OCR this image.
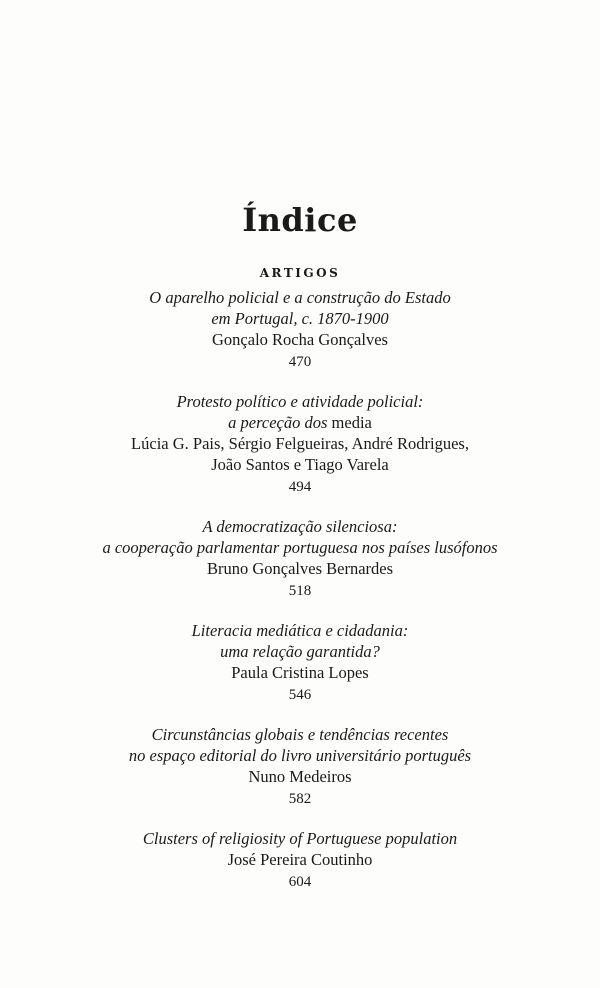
Índice
ARTIGOS
O aparelho policial e a construção do Estado
em Portugal, c. 1870-1900
Gonçalo Rocha Gonçalves
470
Protesto político e atividade policial:
a perceção dos media
Lúcia G. Pais, Sérgio Felgueiras, André Rodrigues,
João Santos e Tiago Varela
494
A democratização silenciosa:
a cooperação parlamentar portuguesa nos países lusófonos
Bruno Gonçalves Bernardes
518
Literacia mediática e cidadania:
uma relação garantida?
Paula Cristina Lopes
546
Circunstâncias globais e tendências recentes
no espaço editorial do livro universitário português
Nuno Medeiros
582
Clusters of religiosity of Portuguese population
José Pereira Coutinho
604
